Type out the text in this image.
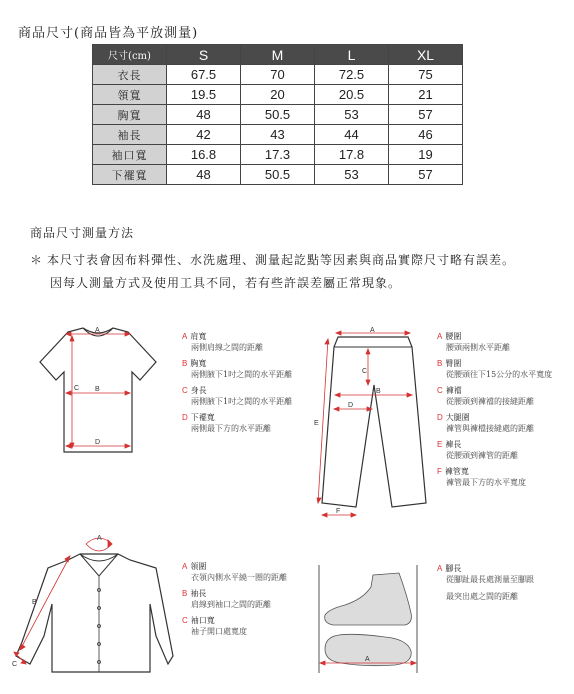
商品尺寸(商品皆為平放測量)
尺寸(cm)	S	M	L	XL
衣長	67.5	70	72.5	75
領寬	19.5	20	20.5	21
胸寬	48	50.5	53	57
袖長	42	43	44	46
袖口寬	16.8	17.3	17.8	19
下襬寬	48	50.5	53	57
商品尺寸測量方法
＊ 本尺寸表會因布料彈性、水洗處理、測量起訖點等因素與商品實際尺寸略有誤差。
因每人測量方式及使用工具不同，若有些許誤差屬正常現象。
A
B
C
D
A 肩寬
兩側肩線之間的距離
B 胸寬
兩側腋下1吋之間的水平距離
C 身長
兩側腋下1吋之間的水平距離
D 下襬寬
兩側最下方的水平距離
A
B
C
D
E
F
A 腰圍
腰頭兩側水平距離
B 臀圍
從腰頭往下15公分的水平寬度
C 褲襠
從腰頭到褲襠的接縫距離
D 大腿圍
褲管與褲檔接縫處的距離
E 褲長
從腰頭到褲管的距離
F 褲管寬
褲管最下方的水平寬度
A
B
C
A 領圍
衣領內側水平繞一圈的距離
B 袖長
肩線到袖口之間的距離
C 袖口寬
袖子開口處寬度
A
A 腳長
從腳趾最長處測量至腳跟
最突出處之間的距離
